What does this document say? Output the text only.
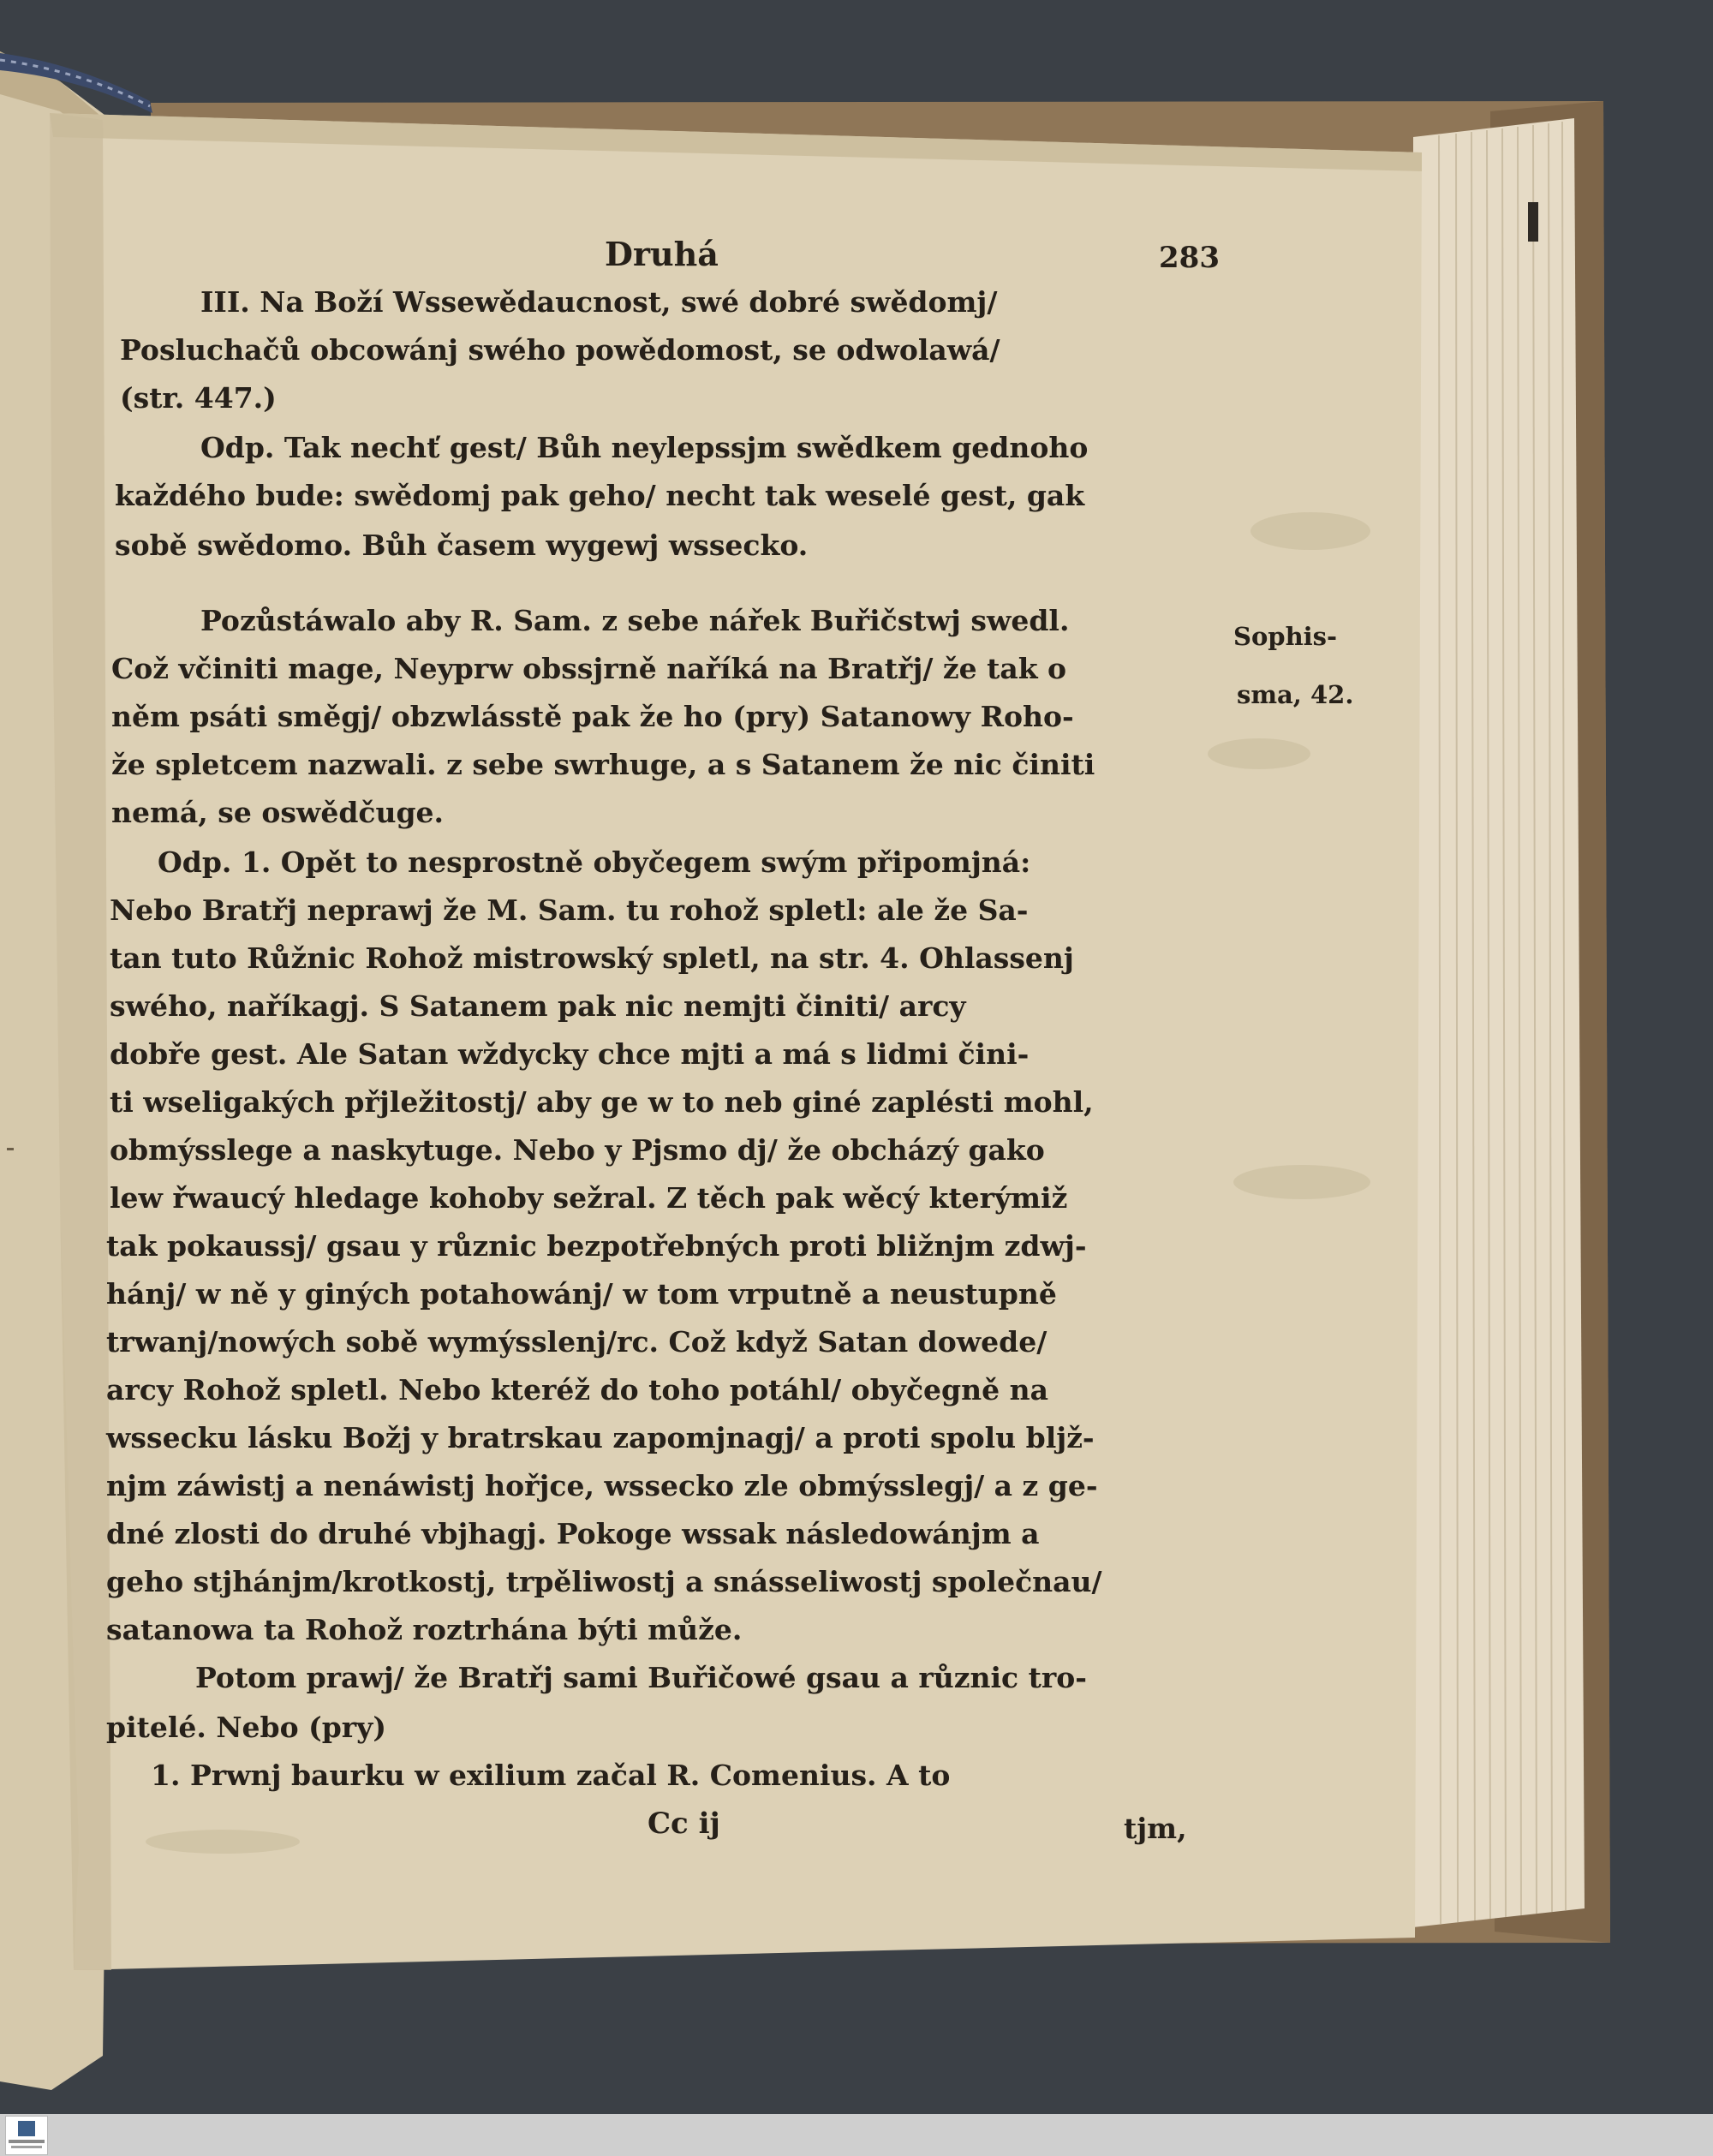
Druhá	283

III. Na Boží Wssewědaucnost, swé dobré swědomj/

Posluchačů obcowánj swého powědomost, se odwolawá/

(str. 447.)

Odp. Tak nechť gest/ Bůh neylepssjm swědkem gednoho

každého bude: swědomj pak geho/ necht tak weselé gest, gak

sobě swědomo. Bůh časem wygewj wssecko.

Pozůstáwalo aby R. Sam. z sebe nářek Buřičstwj swedl.

Což včiniti mage, Neyprw obssjrně naříká na Bratřj/ že tak o

něm psáti směgj/ obzwlásstě pak že ho (pry) Satanowy Roho-

že spletcem nazwali. z sebe swrhuge, a s Satanem že nic činiti

nemá, se oswědčuge.

Odp. 1. Opět to nesprostně obyčegem swým připomjná:

Nebo Bratřj neprawj že M. Sam. tu rohož spletl: ale že Sa-

tan tuto Růžnic Rohož mistrowský spletl, na str. 4. Ohlassenj

swého, naříkagj. S Satanem pak nic nemjti činiti/ arcy

dobře gest. Ale Satan wždycky chce mjti a má s lidmi čini-

ti wseligakých přjležitostj/ aby ge w to neb giné zaplésti mohl,

obmýsslege a naskytuge. Nebo y Pjsmo dj/ že obcházý gako

lew řwaucý hledage kohoby sežral. Z těch pak wěcý kterýmiž

tak pokaussj/ gsau y různic bezpotřebných proti bližnjm zdwj-

hánj/ w ně y giných potahowánj/ w tom vrputně a neustupně

trwanj/nowých sobě wymýsslenj/rc. Což když Satan dowede/

arcy Rohož spletl. Nebo kteréž do toho potáhl/ obyčegně na

wssecku lásku Božj y bratrskau zapomjnagj/ a proti spolu bljž-

njm záwistj a nenáwistj hořjce, wssecko zle obmýsslegj/ a z ge-

dné zlosti do druhé vbjhagj. Pokoge wssak následowánjm a

geho stjhánjm/krotkostj, trpěliwostj a snásseliwostj společnau/

satanowa ta Rohož roztrhána býti může.

Potom prawj/ že Bratřj sami Buřičowé gsau a různic tro-

pitelé. Nebo (pry)

1. Prwnj baurku w exilium začal R. Comenius. A to

Cc ij	tjm,

Sophis-

sma, 42.
